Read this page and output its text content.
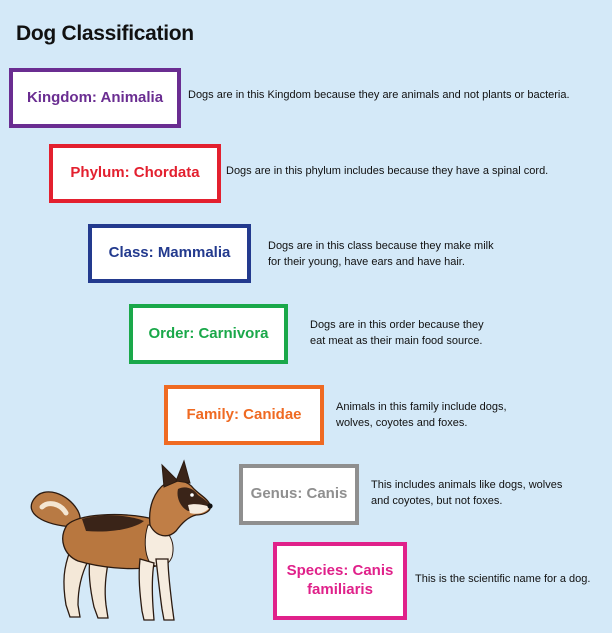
Dog Classification
Kingdom: Animalia Dogs are in this Kingdom because they are animals and not plants or bacteria.
Phylum: Chordata Dogs are in this phylum includes because they have a spinal cord.
Class: Mammalia	Dogs are in this class because they make milk
for their young, have ears and have hair.
Order: Carnivora	Dogs are in this order because they
eat meat as their main food source.
Family: Canidae	Animals in this family include dogs,
wolves, coyotes and foxes.
Genus: Canis
This includes animals like dogs, wolves
and coyotes, but not foxes.
Species: Canis
familiaris
This is the scientific name for a dog.
